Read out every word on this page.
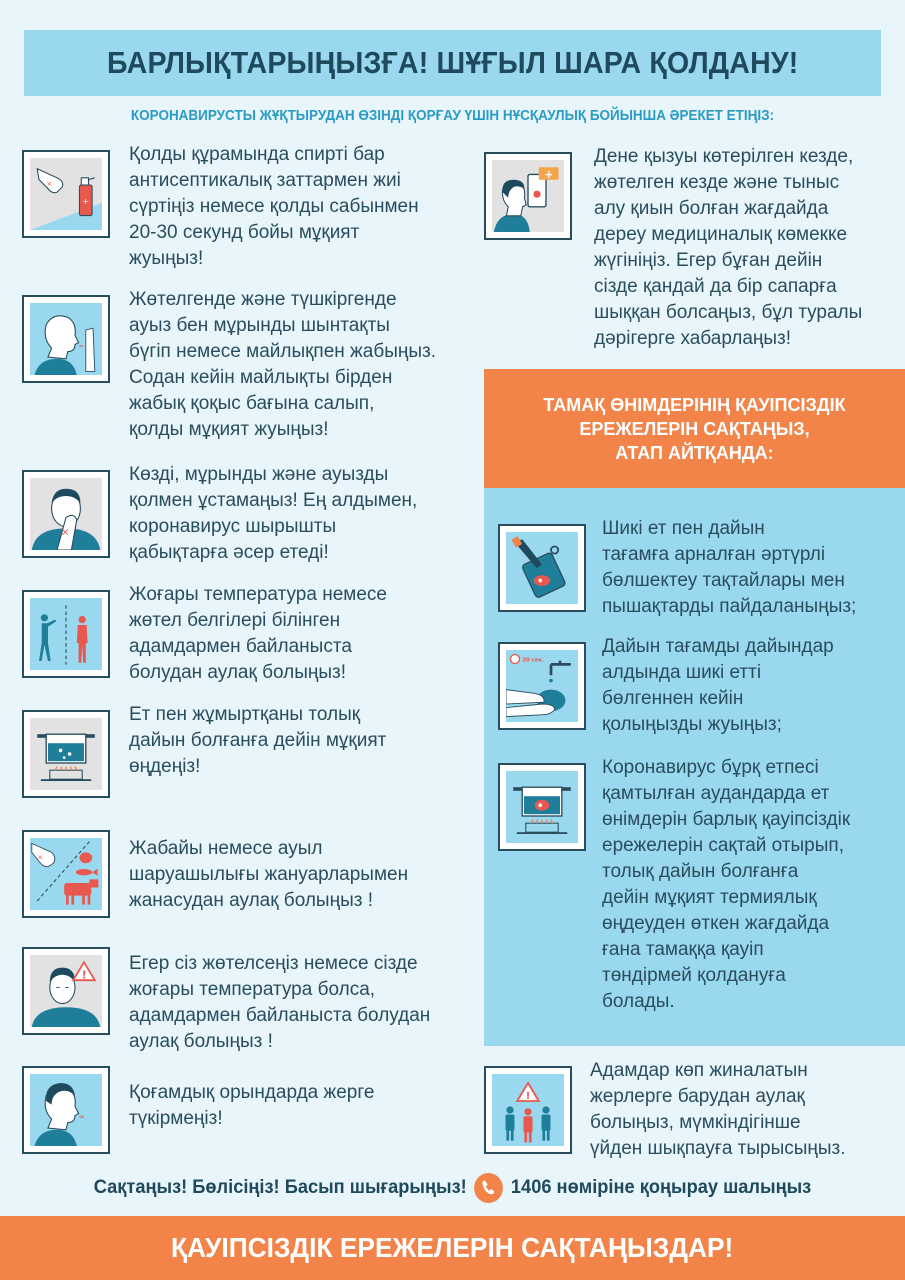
БАРЛЫҚТАРЫҢЫЗҒА! ШҰҒЫЛ ШАРА ҚОЛДАНУ!
КОРОНАВИРУСТЫ ЖҰҚТЫРУДАН ӨЗІНДІ ҚОРҒАУ ҮШІН НҰСҚАУЛЫҚ БОЙЫНША ӘРЕКЕТ ЕТІҢІЗ:
×
+
Қолды құрамында спирті бар
антисептикалық заттармен жиі
сүртіңіз немесе қолды сабынмен
20-30 секунд бойы мұқият
жуыңыз!
≈
Жөтелгенде және түшкіргенде
ауыз бен мұрынды шынтақты
бүгіп немесе майлықпен жабыңыз.
Содан кейін майлықты бірден
жабық қоқыс бағына салып,
қолды мұқият жуыңыз!
×
Көзді, мұрынды және ауызды
қолмен ұстамаңыз! Ең алдымен,
коронавирус шырышты
қабықтарға әсер етеді!
Жоғары температура немесе
жөтел белгілері білінген
адамдармен байланыста
болудан аулақ болыңыз!
Ет пен жұмыртқаны толық
дайын болғанға дейін мұқият
өңдеңіз!
×	Жабайы немесе ауыл
шаруашылығы жануарларымен
жанасудан аулақ болыңыз !
!
Егер сіз жөтелсеңіз немесе сізде
жоғары температура болса,
адамдармен байланыста болудан
аулақ болыңыз !
≈
Қоғамдық орындарда жерге
түкірмеңіз!
+
Дене қызуы көтерілген кезде,
жөтелген кезде және тыныс
алу қиын болған жағдайда
дереу медициналық көмекке
жүгініңіз. Егер бұған дейін
сізде қандай да бір сапарға
шыққан болсаңыз, бұл туралы
дәрігерге хабарлаңыз!
ТАМАҚ ӨНІМДЕРІНІҢ ҚАУІПСІЗДІК
ЕРЕЖЕЛЕРІН САҚТАҢЫЗ,
АТАП АЙТҚАНДА:
Шикі ет пен дайын
тағамға арналған әртүрлі
бөлшектеу тақтайлары мен
пышақтарды пайдаланыңыз;
20 сек.
Дайын тағамды дайындар
алдында шикі етті
бөлгеннен кейін
қолыңызды жуыңыз;
Коронавирус бұрқ етпесі
қамтылған аудандарда ет
өнімдерін барлық қауіпсіздік
ережелерін сақтай отырып,
толық дайын болғанға
дейін мұқият термиялық
өңдеуден өткен жағдайда
ғана тамаққа қауіп
төндірмей қолдануға
болады.
!
Адамдар көп жиналатын
жерлерге барудан аулақ
болыңыз, мүмкіндігінше
үйден шықпауға тырысыңыз.
Сақтаңыз! Бөлісіңіз! Басып шығарыңыз! 1406 нөміріне қоңырау шалыңыз
ҚАУІПСІЗДІК ЕРЕЖЕЛЕРІН САҚТАҢЫЗДАР!
